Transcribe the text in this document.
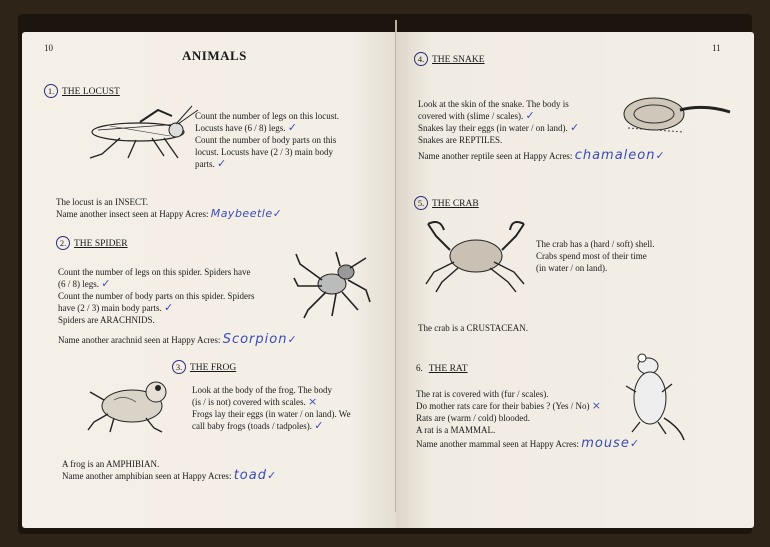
10	ANIMALS
1. THE LOCUST

Count the number of legs on this locust.

Locusts have (6 / 8) legs. ✓

Count the number of body parts on this

locust. Locusts have (2 / 3) main body

parts. ✓

The locust is an INSECT.
Name another insect seen at Happy Acres: Maybeetle✓
2. THE SPIDER

Count the number of legs on this spider. Spiders have

(6 / 8) legs. ✓

Count the number of body parts on this spider. Spiders

have (2 / 3) main body parts. ✓

Spiders are ARACHNIDS.

Name another arachnid seen at Happy Acres: Scorpion✓
3. THE FROG

Look at the body of the frog. The body

(is / is not) covered with scales. ×

Frogs lay their eggs (in water / on land). We

call baby frogs (toads / tadpoles). ✓

A frog is an AMPHIBIAN.
Name another amphibian seen at Happy Acres: toad✓
11
4. THE SNAKE

Look at the skin of the snake. The body is

covered with (slime / scales). ✓

Snakes lay their eggs (in water / on land). ✓

Snakes are REPTILES.

Name another reptile seen at Happy Acres: chamaleon✓
5. THE CRAB

The crab has a (hard / soft) shell.

Crabs spend most of their time

(in water / on land).

The crab is a CRUSTACEAN.
6. THE RAT

The rat is covered with (fur / scales).

Do mother rats care for their babies ? (Yes / No) ×

Rats are (warm / cold) blooded.

A rat is a MAMMAL.

Name another mammal seen at Happy Acres: mouse✓
